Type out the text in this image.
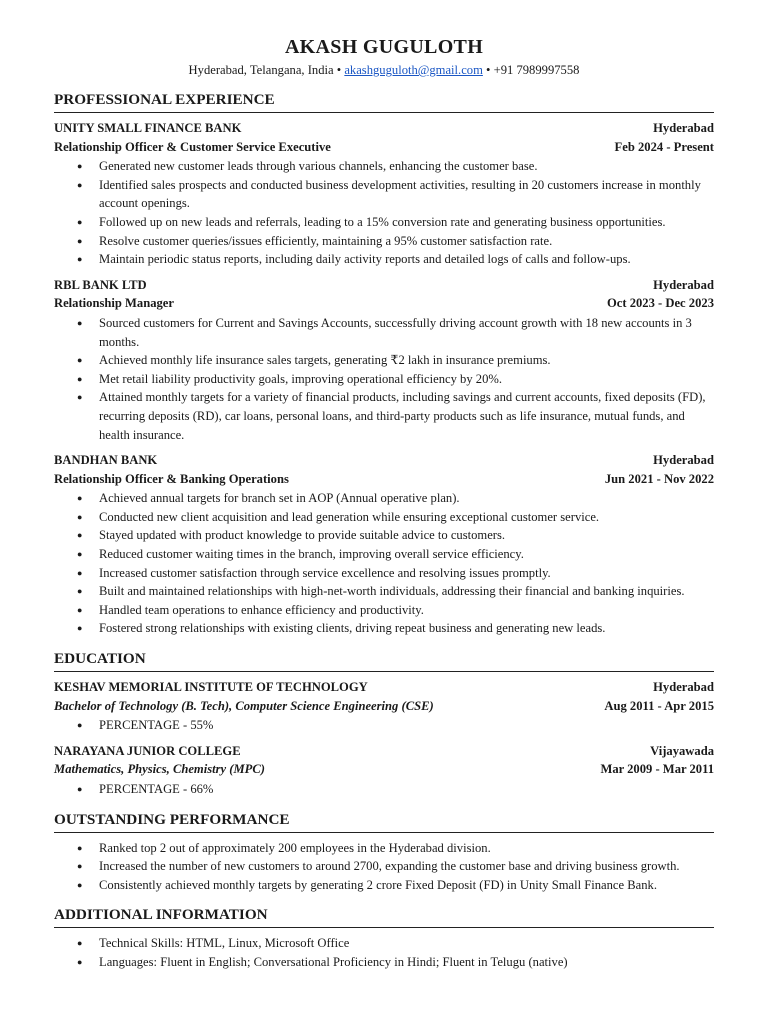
AKASH GUGULOTH
Hyderabad, Telangana, India • akashguguloth@gmail.com • +91 7989997558
PROFESSIONAL EXPERIENCE
UNITY SMALL FINANCE BANK	Hyderabad
Relationship Officer & Customer Service Executive	Feb 2024 - Present
● Generated new customer leads through various channels, enhancing the customer base.
● Identified sales prospects and conducted business development activities, resulting in 20 customers increase in monthly account openings.
● Followed up on new leads and referrals, leading to a 15% conversion rate and generating business opportunities.
● Resolve customer queries/issues efficiently, maintaining a 95% customer satisfaction rate.
● Maintain periodic status reports, including daily activity reports and detailed logs of calls and follow-ups.
RBL BANK LTD	Hyderabad
Relationship Manager	Oct 2023 - Dec 2023
● Sourced customers for Current and Savings Accounts, successfully driving account growth with 18 new accounts in 3 months.
● Achieved monthly life insurance sales targets, generating ₹2 lakh in insurance premiums.
● Met retail liability productivity goals, improving operational efficiency by 20%.
● Attained monthly targets for a variety of financial products, including savings and current accounts, fixed deposits (FD), recurring deposits (RD), car loans, personal loans, and third-party products such as life insurance, mutual funds, and health insurance.
BANDHAN BANK	Hyderabad
Relationship Officer & Banking Operations	Jun 2021 - Nov 2022
● Achieved annual targets for branch set in AOP (Annual operative plan).
● Conducted new client acquisition and lead generation while ensuring exceptional customer service.
● Stayed updated with product knowledge to provide suitable advice to customers.
● Reduced customer waiting times in the branch, improving overall service efficiency.
● Increased customer satisfaction through service excellence and resolving issues promptly.
● Built and maintained relationships with high-net-worth individuals, addressing their financial and banking inquiries.
● Handled team operations to enhance efficiency and productivity.
● Fostered strong relationships with existing clients, driving repeat business and generating new leads.
EDUCATION
KESHAV MEMORIAL INSTITUTE OF TECHNOLOGY	Hyderabad
Bachelor of Technology (B. Tech), Computer Science Engineering (CSE)	Aug 2011 - Apr 2015
● PERCENTAGE - 55%
NARAYANA JUNIOR COLLEGE	Vijayawada
Mathematics, Physics, Chemistry (MPC)	Mar 2009 - Mar 2011
● PERCENTAGE - 66%
OUTSTANDING PERFORMANCE
● Ranked top 2 out of approximately 200 employees in the Hyderabad division.
● Increased the number of new customers to around 2700, expanding the customer base and driving business growth.
● Consistently achieved monthly targets by generating 2 crore Fixed Deposit (FD) in Unity Small Finance Bank.
ADDITIONAL INFORMATION
● Technical Skills: HTML, Linux, Microsoft Office
● Languages: Fluent in English; Conversational Proficiency in Hindi; Fluent in Telugu (native)
